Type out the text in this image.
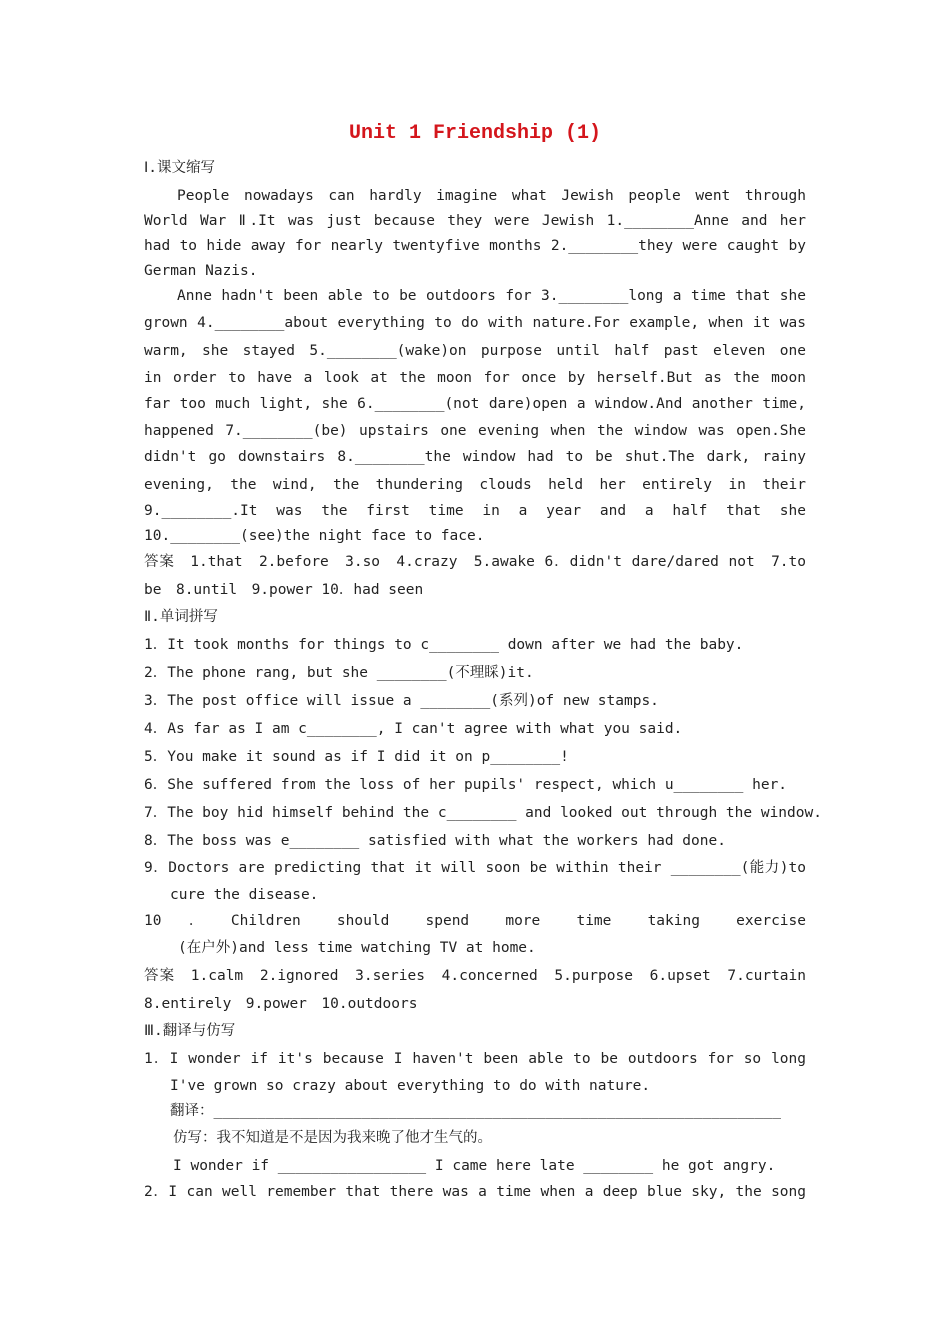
Unit 1 Friendship (1)
Ⅰ.课文缩写
People nowadays can hardly imagine what Jewish people went through
World War Ⅱ.It was just because they were Jewish 1.________Anne and her
had to hide away for nearly twentyfive months 2.________they were caught by
German Nazis.
Anne hadn't been able to be outdoors for 3.________long a time that she
grown 4.________about everything to do with nature.For example, when it was
warm, she stayed 5.________(wake)on purpose until half past eleven one
in order to have a look at the moon for once by herself.But as the moon
far too much light, she 6.________(not dare)open a window.And another time,
happened 7.________(be) upstairs one evening when the window was open.She
didn't go downstairs 8.________the window had to be shut.The dark, rainy
evening, the wind, the thundering clouds held her entirely in their
9.________.It was the first time in a year and a half that she
10.________(see)the night face to face.
答案　1.that　2.before　3.so　4.crazy　5.awake 6．didn't dare/dared not　7.to
be　8.until　9.power 10．had seen
Ⅱ.单词拼写
1．It took months for things to c________ down after we had the baby.
2．The phone rang, but she ________(不理睬)it.
3．The post office will issue a ________(系列)of new stamps.
4．As far as I am c________, I can't agree with what you said.
5．You make it sound as if I did it on p________!
6．She suffered from the loss of her pupils' respect, which u________ her.
7．The boy hid himself behind the c________ and looked out through the window.
8．The boss was e________ satisfied with what the workers had done.
9．Doctors are predicting that it will soon be within their ________(能力)to
cure the disease.
10．Children should spend more time taking exercise
(在户外)and less time watching TV at home.
答案　1.calm　2.ignored　3.series　4.concerned　5.purpose　6.upset　7.curtain
8.entirely　9.power　10.outdoors
Ⅲ.翻译与仿写
1．I wonder if it's because I haven't been able to be outdoors for so long
I've grown so crazy about everything to do with nature.
翻译：_________________________________________________________________
仿写：我不知道是不是因为我来晚了他才生气的。
I wonder if _________________ I came here late ________ he got angry.
2．I can well remember that there was a time when a deep blue sky, the song
